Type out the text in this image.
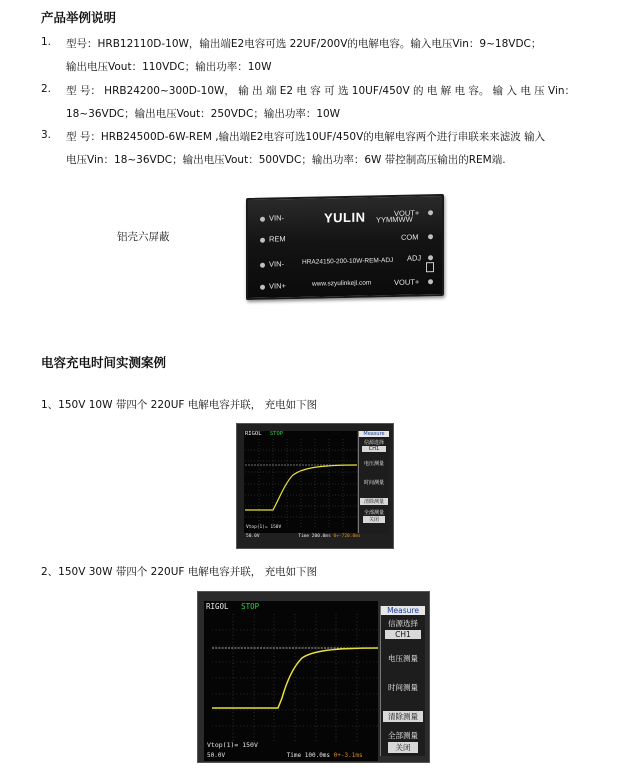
产品举例说明
1. 型号：HRB12110D-10W，输出端E2电容可选 22UF/200V的电解电容。输入电压Vin：9~18VDC；
输出电压Vout：110VDC；输出功率：10W
2. 型 号： HRB24200~300D-10W， 输 出 端 E2 电 容 可 选 10UF/450V 的 电 解 电 容。 输 入 电 压 Vin：
18~36VDC；输出电压Vout：250VDC；输出功率：10W
3. 型 号：HRB24500D-6W-REM ,输出端E2电容可选10UF/450V的电解电容两个进行串联来来滤波 输入
电压Vin：18~36VDC；输出电压Vout：500VDC；输出功率：6W 带控制高压输出的REM端.
铝壳六屏蔽
VIN-
REM
VIN-
VIN+
YULIN YYMMWW
HRA24150-200-10W-REM-ADJ
www.szyulinkeji.com
VOUT+
COM
ADJ
VOUT+
电容充电时间实测案例
1、150V 10W 带四个 220UF 电解电容并联， 充电如下图
RIGOL STOP	Measure
信源选择
CH1
电压测量
时间测量
清除测量
全部测量
关闭
Vtop(1)= 150V
50.0V	Time 200.0ms 0+-720.0ms
2、150V 30W 带四个 220UF 电解电容并联， 充电如下图
RIGOL STOP	Measure
信源选择
CH1
电压测量
时间测量
清除测量
全部测量
关闭
Vtop(1)= 150V
50.0V	Time 100.0ms 0+-3.1ms
